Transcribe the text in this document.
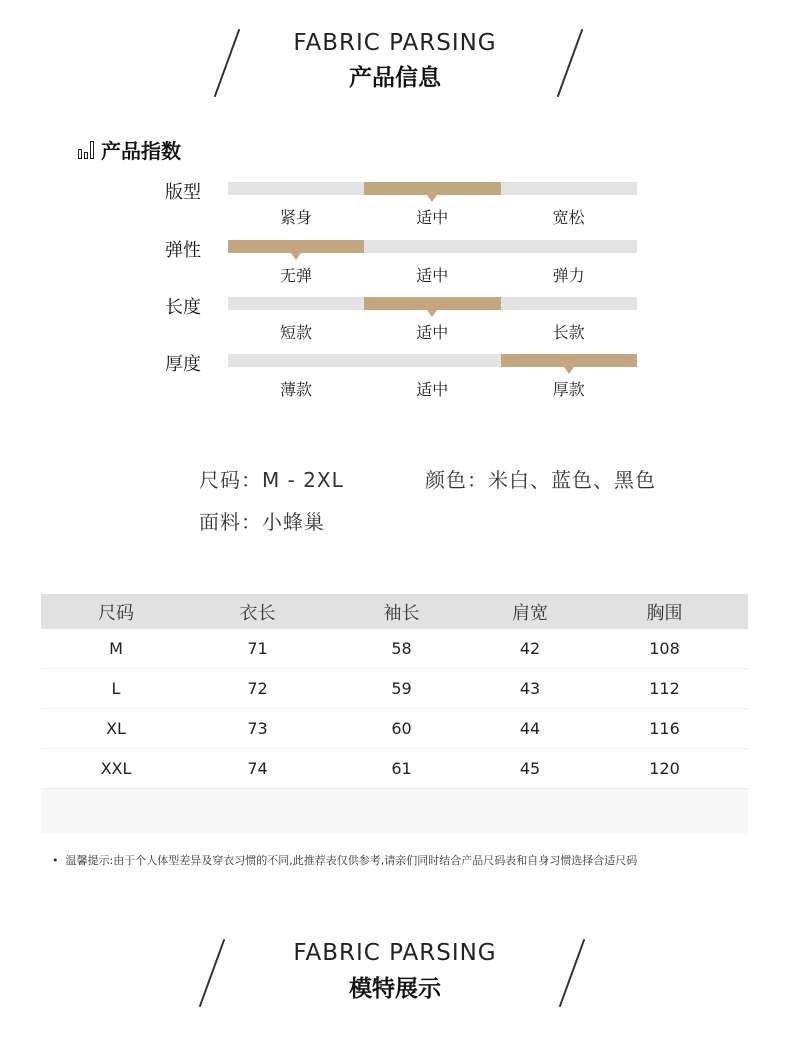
FABRIC PARSING
产品信息
产品指数
版型
紧身	适中	宽松
弹性
无弹	适中	弹力
长度
短款	适中	长款
厚度
薄款	适中	厚款
尺码：M - 2XL	颜色：米白、蓝色、黑色
面料：小蜂巢
尺码	衣长	袖长	肩宽	胸围
M	71	58	42	108
L	72	59	43	112
XL	73	60	44	116
XXL	74	61	45	120
• 温馨提示:由于个人体型差异及穿衣习惯的不同,此推荐表仅供参考,请亲们同时结合产品尺码表和自身习惯选择合适尺码
FABRIC PARSING
模特展示
